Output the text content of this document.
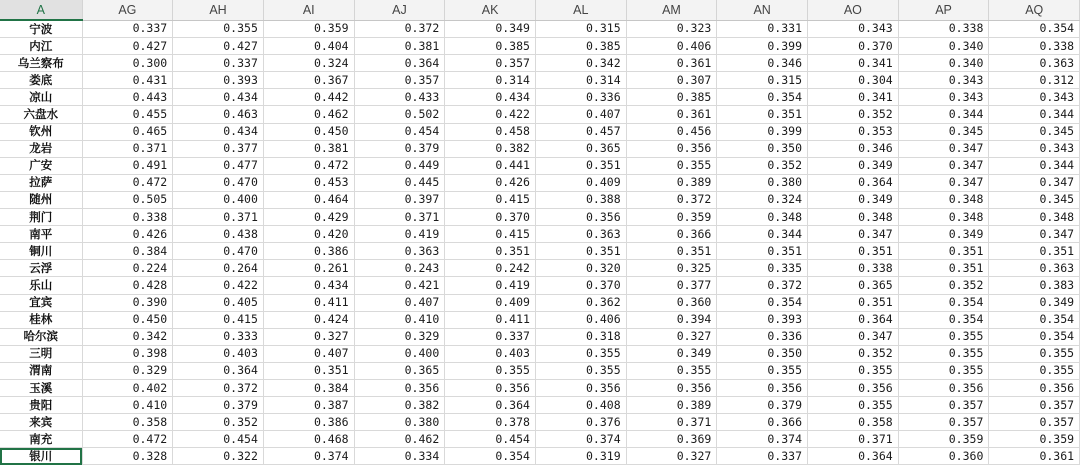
A	AG	AH	AI	AJ	AK	AL	AM	AN	AO	AP	AQ
宁波	0.337	0.355	0.359	0.372	0.349	0.315	0.323	0.331	0.343	0.338	0.354
内江	0.427	0.427	0.404	0.381	0.385	0.385	0.406	0.399	0.370	0.340	0.338
乌兰察布	0.300	0.337	0.324	0.364	0.357	0.342	0.361	0.346	0.341	0.340	0.363
娄底	0.431	0.393	0.367	0.357	0.314	0.314	0.307	0.315	0.304	0.343	0.312
凉山	0.443	0.434	0.442	0.433	0.434	0.336	0.385	0.354	0.341	0.343	0.343
六盘水	0.455	0.463	0.462	0.502	0.422	0.407	0.361	0.351	0.352	0.344	0.344
钦州	0.465	0.434	0.450	0.454	0.458	0.457	0.456	0.399	0.353	0.345	0.345
龙岩	0.371	0.377	0.381	0.379	0.382	0.365	0.356	0.350	0.346	0.347	0.343
广安	0.491	0.477	0.472	0.449	0.441	0.351	0.355	0.352	0.349	0.347	0.344
拉萨	0.472	0.470	0.453	0.445	0.426	0.409	0.389	0.380	0.364	0.347	0.347
随州	0.505	0.400	0.464	0.397	0.415	0.388	0.372	0.324	0.349	0.348	0.345
荆门	0.338	0.371	0.429	0.371	0.370	0.356	0.359	0.348	0.348	0.348	0.348
南平	0.426	0.438	0.420	0.419	0.415	0.363	0.366	0.344	0.347	0.349	0.347
铜川	0.384	0.470	0.386	0.363	0.351	0.351	0.351	0.351	0.351	0.351	0.351
云浮	0.224	0.264	0.261	0.243	0.242	0.320	0.325	0.335	0.338	0.351	0.363
乐山	0.428	0.422	0.434	0.421	0.419	0.370	0.377	0.372	0.365	0.352	0.383
宜宾	0.390	0.405	0.411	0.407	0.409	0.362	0.360	0.354	0.351	0.354	0.349
桂林	0.450	0.415	0.424	0.410	0.411	0.406	0.394	0.393	0.364	0.354	0.354
哈尔滨	0.342	0.333	0.327	0.329	0.337	0.318	0.327	0.336	0.347	0.355	0.354
三明	0.398	0.403	0.407	0.400	0.403	0.355	0.349	0.350	0.352	0.355	0.355
渭南	0.329	0.364	0.351	0.365	0.355	0.355	0.355	0.355	0.355	0.355	0.355
玉溪	0.402	0.372	0.384	0.356	0.356	0.356	0.356	0.356	0.356	0.356	0.356
贵阳	0.410	0.379	0.387	0.382	0.364	0.408	0.389	0.379	0.355	0.357	0.357
来宾	0.358	0.352	0.386	0.380	0.378	0.376	0.371	0.366	0.358	0.357	0.357
南充	0.472	0.454	0.468	0.462	0.454	0.374	0.369	0.374	0.371	0.359	0.359
银川	0.328	0.322	0.374	0.334	0.354	0.319	0.327	0.337	0.364	0.360	0.361
